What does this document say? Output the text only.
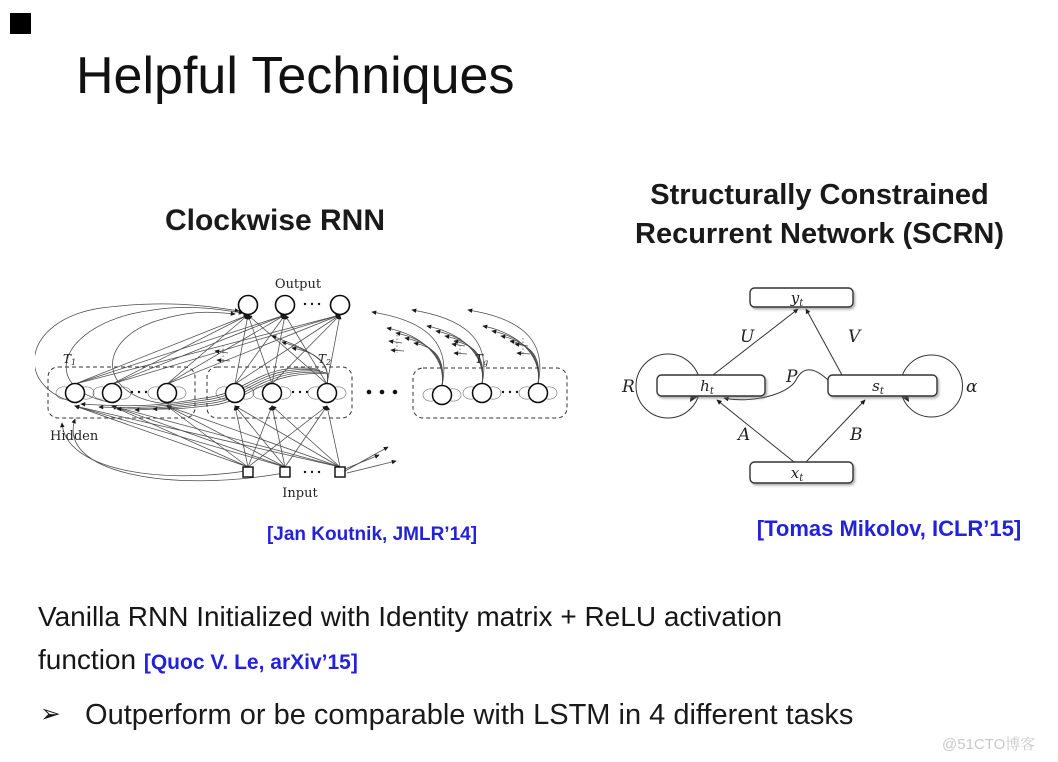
Helpful Techniques
Clockwise RNN
Structurally Constrained
Recurrent Network (SCRN)
Output
Hidden
Input
T1	T2	Tg
$y_t$
$h_t$	$s_t$
$x_t$
U	V
R	P	α
A	B
[Jan Koutnik, JMLR’14]	[Tomas Mikolov, ICLR’15]
Vanilla RNN Initialized with Identity matrix + ReLU activation
function [Quoc V. Le, arXiv’15]
➢ Outperform or be comparable with LSTM in 4 different tasks
@51CTO博客
